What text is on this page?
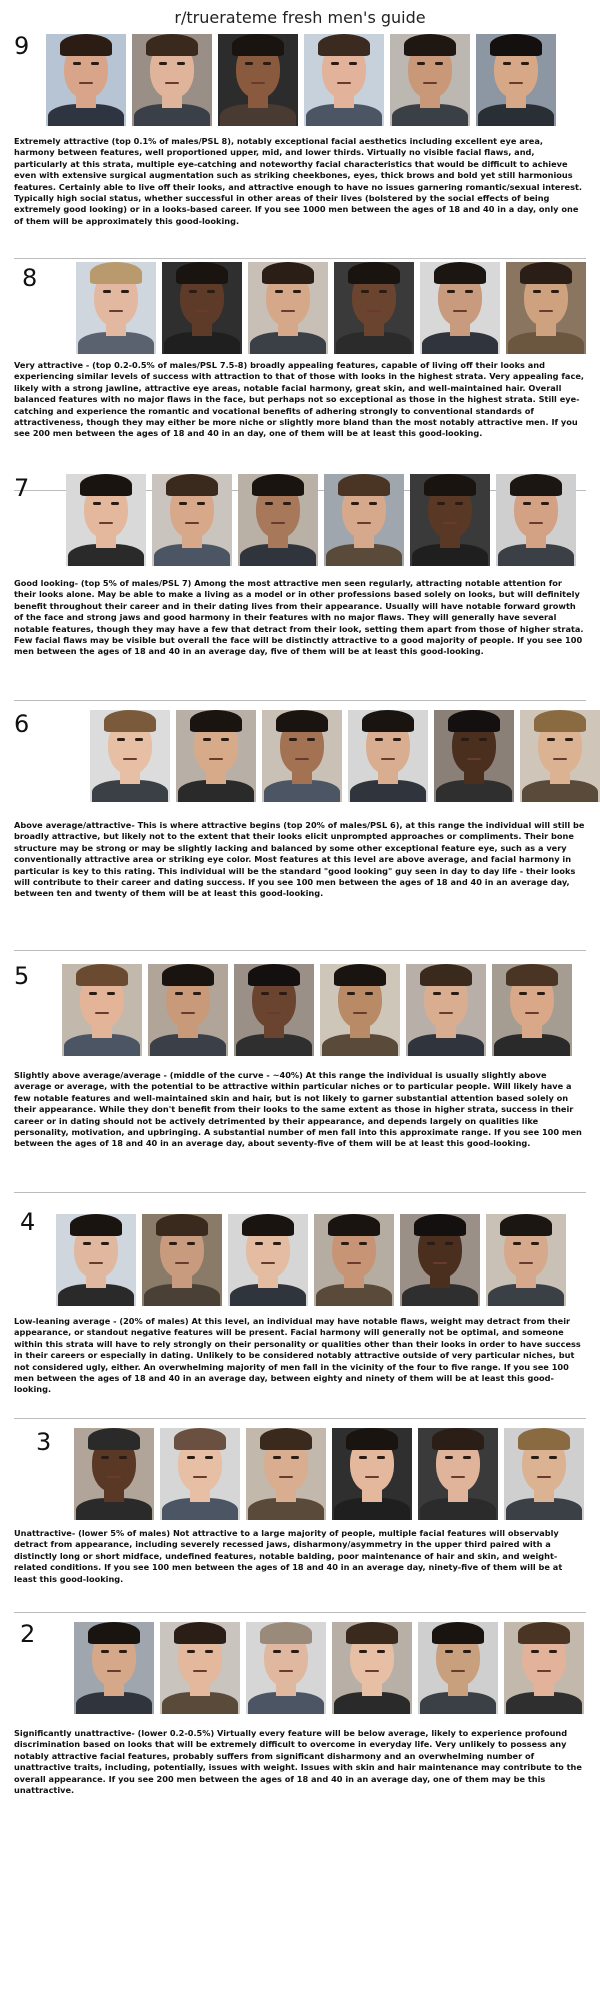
r/truerateme fresh men's guide
9
Extremely attractive (top 0.1% of males/PSL 8), notably exceptional facial aesthetics including excellent eye area, harmony between features, well proportioned upper, mid, and lower thirds. Virtually no visible facial flaws, and, particularly at this strata, multiple eye-catching and noteworthy facial characteristics that would be difficult to achieve even with extensive surgical augmentation such as striking cheekbones, eyes, thick brows and bold yet still harmonious features. Certainly able to live off their looks, and attractive enough to have no issues garnering romantic/sexual interest. Typically high social status, whether successful in other areas of their lives (bolstered by the social effects of being extremely good looking) or in a looks-based career. If you see 1000 men between the ages of 18 and 40 in a day, only one of them will be approximately this good-looking.
8
Very attractive - (top 0.2-0.5% of males/PSL 7.5-8) broadly appealing features, capable of living off their looks and experiencing similar levels of success with attraction to that of those with looks in the highest strata. Very appealing face, likely with a strong jawline, attractive eye areas, notable facial harmony, great skin, and well-maintained hair. Overall balanced features with no major flaws in the face, but perhaps not so exceptional as those in the highest strata. Still eye-catching and experience the romantic and vocational benefits of adhering strongly to conventional standards of attractiveness, though they may either be more niche or slightly more bland than the most notably attractive men. If you see 200 men between the ages of 18 and 40 in an day, one of them will be at least this good-looking.
7
Good looking- (top 5% of males/PSL 7) Among the most attractive men seen regularly, attracting notable attention for their looks alone. May be able to make a living as a model or in other professions based solely on looks, but will definitely benefit throughout their career and in their dating lives from their appearance. Usually will have notable forward growth of the face and strong jaws and good harmony in their features with no major flaws. They will generally have several notable features, though they may have a few that detract from their look, setting them apart from those of higher strata. Few facial flaws may be visible but overall the face will be distinctly attractive to a good majority of people. If you see 100 men between the ages of 18 and 40 in an average day, five of them will be at least this good-looking.
6
Above average/attractive- This is where attractive begins (top 20% of males/PSL 6), at this range the individual will still be broadly attractive, but likely not to the extent that their looks elicit unprompted approaches or compliments. Their bone structure may be strong or may be slightly lacking and balanced by some other exceptional feature eye, such as a very conventionally attractive area or striking eye color. Most features at this level are above average, and facial harmony in particular is key to this rating. This individual will be the standard "good looking" guy seen in day to day life - their looks will contribute to their career and dating success. If you see 100 men between the ages of 18 and 40 in an average day, between ten and twenty of them will be at least this good-looking.
5
Slightly above average/average - (middle of the curve - ~40%) At this range the individual is usually slightly above average or average, with the potential to be attractive within particular niches or to particular people. Will likely have a few notable features and well-maintained skin and hair, but is not likely to garner substantial attention based solely on their appearance. While they don't benefit from their looks to the same extent as those in higher strata, success in their career or in dating should not be actively detrimented by their appearance, and depends largely on qualities like personality, motivation, and upbringing. A substantial number of men fall into this approximate range. If you see 100 men between the ages of 18 and 40 in an average day, about seventy-five of them will be at least this good-looking.
4
Low-leaning average - (20% of males) At this level, an individual may have notable flaws, weight may detract from their appearance, or standout negative features will be present. Facial harmony will generally not be optimal, and someone within this strata will have to rely strongly on their personality or qualities other than their looks in order to have success in their careers or especially in dating. Unlikely to be considered notably attractive outside of very particular niches, but not considered ugly, either. An overwhelming majority of men fall in the vicinity of the four to five range. If you see 100 men between the ages of 18 and 40 in an average day, between eighty and ninety of them will be at least this good-looking.
3
Unattractive- (lower 5% of males) Not attractive to a large majority of people, multiple facial features will observably detract from appearance, including severely recessed jaws, disharmony/asymmetry in the upper third paired with a distinctly long or short midface, undefined features, notable balding, poor maintenance of hair and skin, and weight-related conditions. If you see 100 men between the ages of 18 and 40 in an average day, ninety-five of them will be at least this good-looking.
2
Significantly unattractive- (lower 0.2-0.5%) Virtually every feature will be below average, likely to experience profound discrimination based on looks that will be extremely difficult to overcome in everyday life. Very unlikely to possess any notably attractive facial features, probably suffers from significant disharmony and an overwhelming number of unattractive traits, including, potentially, issues with weight. Issues with skin and hair maintenance may contribute to the overall appearance. If you see 200 men between the ages of 18 and 40 in an average day, one of them may be this unattractive.
